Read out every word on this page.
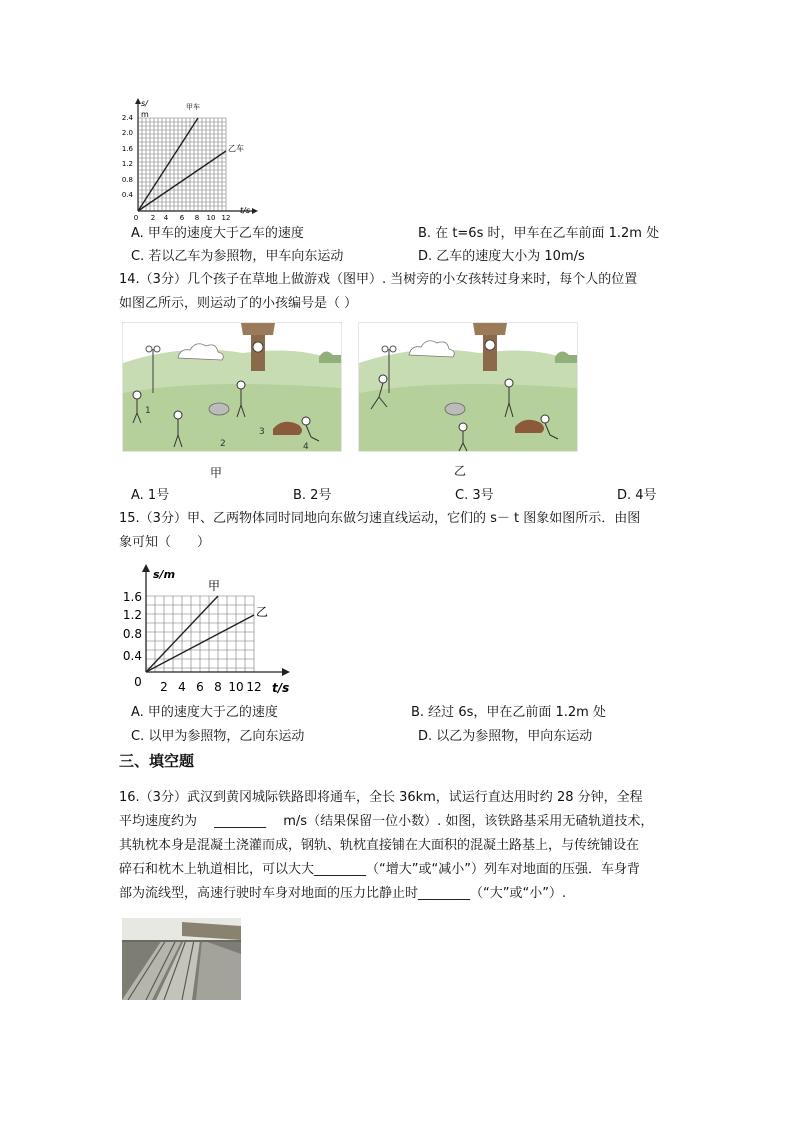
s/
m
甲车
乙车
t/s
2.4
2.0
1.6
1.2
0.8
0.4
0 2 4 6 8 10 12
A. 甲车的速度大于乙车的速度	B. 在 t=6s 时，甲车在乙车前面 1.2m 处
C. 若以乙车为参照物，甲车向东运动	D. 乙车的速度大小为 10m/s
14.（3分）几个孩子在草地上做游戏（图甲）. 当树旁的小女孩转过身来时，每个人的位置
如图乙所示，则运动了的小孩编号是（ ）
1
2
3
4
甲	乙
A. 1号	B. 2号	C. 3号	D. 4号
15.（3分）甲、乙两物体同时同地向东做匀速直线运动，它们的 s－ t 图象如图所示．由图
象可知（　　）
s/m
甲
乙
t/s
1.6
1.2
0.8
0.4
0 2 4 6 8 10 12
A. 甲的速度大于乙的速度	B. 经过 6s，甲在乙前面 1.2m 处
C. 以甲为参照物，乙向东运动	D. 以乙为参照物，甲向东运动
三、填空题
16.（3分）武汉到黄冈城际铁路即将通车，全长 36km，试运行直达用时约 28 分钟，全程
平均速度约为　 ________　 m/s（结果保留一位小数）. 如图，该铁路基采用无碴轨道技术，
其轨枕本身是混凝土浇灌而成，钢轨、轨枕直接铺在大面积的混凝土路基上，与传统铺设在
碎石和枕木上轨道相比，可以大大________（“增大”或“减小”）列车对地面的压强．车身背
部为流线型，高速行驶时车身对地面的压力比静止时________（“大”或“小”）.
